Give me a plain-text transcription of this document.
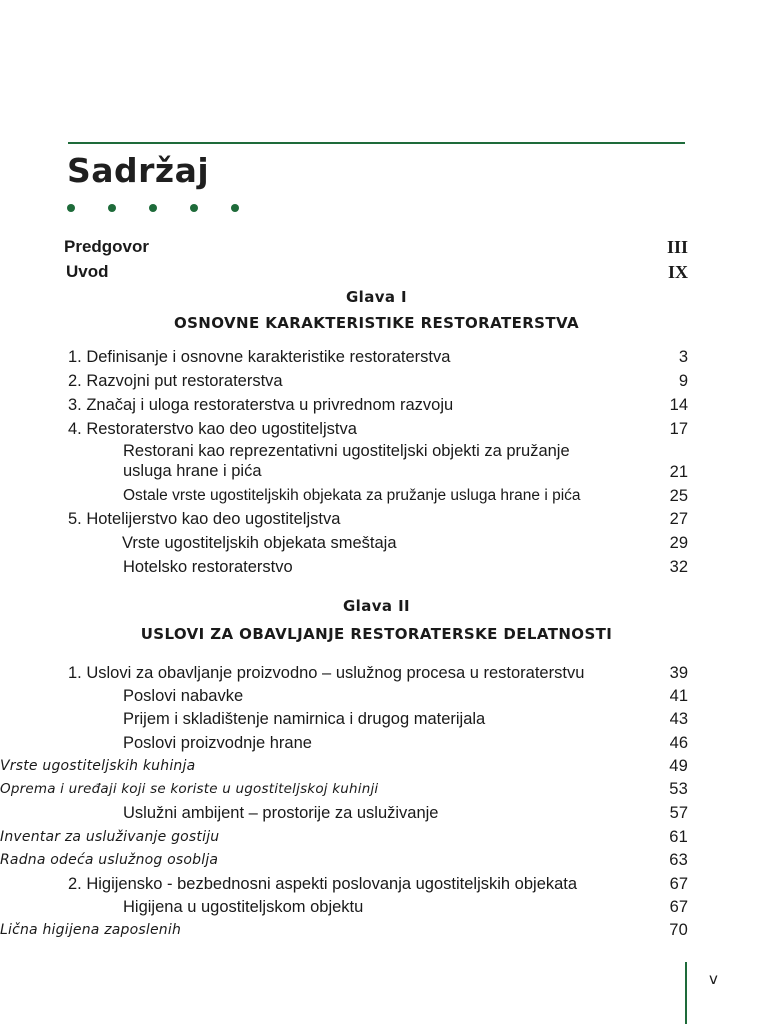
Sadržaj
Predgovor	III
Uvod	IX
Glava I
OSNOVNE KARAKTERISTIKE RESTORATERSTVA
1. Definisanje i osnovne karakteristike restoraterstva	3
2. Razvojni put restoraterstva	9
3. Značaj i uloga restoraterstva u privrednom razvoju	14
4. Restoraterstvo kao deo ugostiteljstva	17
Restorani kao reprezentativni ugostiteljski objekti za pružanje
usluga hrane i pića	21
Ostale vrste ugostiteljskih objekata za pružanje usluga hrane i pića	25
5. Hotelijerstvo kao deo ugostiteljstva	27
Vrste ugostiteljskih objekata smeštaja	29
Hotelsko restoraterstvo	32
Glava II
USLOVI ZA OBAVLJANJE RESTORATERSKE DELATNOSTI
1. Uslovi za obavljanje proizvodno – uslužnog procesa u restoraterstvu	39
Poslovi nabavke	41
Prijem i skladištenje namirnica i drugog materijala	43
Poslovi proizvodnje hrane	46
Vrste ugostiteljskih kuhinja	49
Oprema i uređaji koji se koriste u ugostiteljskoj kuhinji	53
Uslužni ambijent – prostorije za usluživanje	57
Inventar za usluživanje gostiju	61
Radna odeća uslužnog osoblja	63
2. Higijensko - bezbednosni aspekti poslovanja ugostiteljskih objekata	67
Higijena u ugostiteljskom objektu	67
Lična higijena zaposlenih	70
v
